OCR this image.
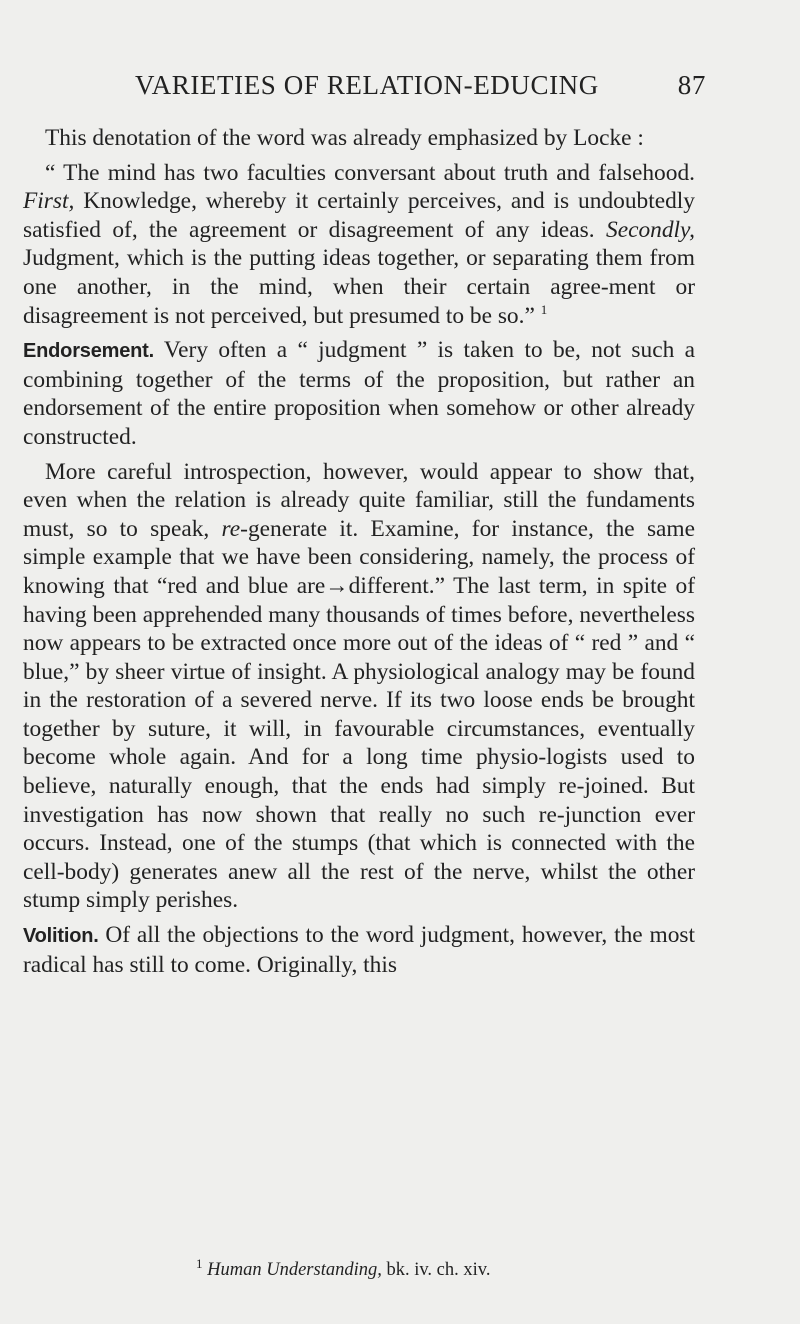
VARIETIES OF RELATION-EDUCING	87

This denotation of the word was already emphasized by Locke :

“ The mind has two faculties conversant about truth and falsehood. First, Knowledge, whereby it certainly perceives, and is undoubtedly satisfied of, the agreement or disagreement of any ideas. Secondly, Judgment, which is the putting ideas together, or separating them from one another, in the mind, when their certain agree-ment or disagreement is not perceived, but presumed to be so.” $^1$

Endorsement. Very often a “ judgment ” is taken to be, not such a combining together of the terms of the proposition, but rather an endorsement of the entire proposition when somehow or other already constructed.

More careful introspection, however, would appear to show that, even when the relation is already quite familiar, still the fundaments must, so to speak, re-generate it. Examine, for instance, the same simple example that we have been considering, namely, the process of knowing that “red and blue are→different.” The last term, in spite of having been apprehended many thousands of times before, nevertheless now appears to be extracted once more out of the ideas of “ red ” and “ blue,” by sheer virtue of insight. A physiological analogy may be found in the restoration of a severed nerve. If its two loose ends be brought together by suture, it will, in favourable circumstances, eventually become whole again. And for a long time physio-logists used to believe, naturally enough, that the ends had simply re-joined. But investigation has now shown that really no such re-junction ever occurs. Instead, one of the stumps (that which is connected with the cell-body) generates anew all the rest of the nerve, whilst the other stump simply perishes.

Volition. Of all the objections to the word judgment, however, the most radical has still to come. Originally, this

$^1$ Human Understanding, bk. iv. ch. xiv.
